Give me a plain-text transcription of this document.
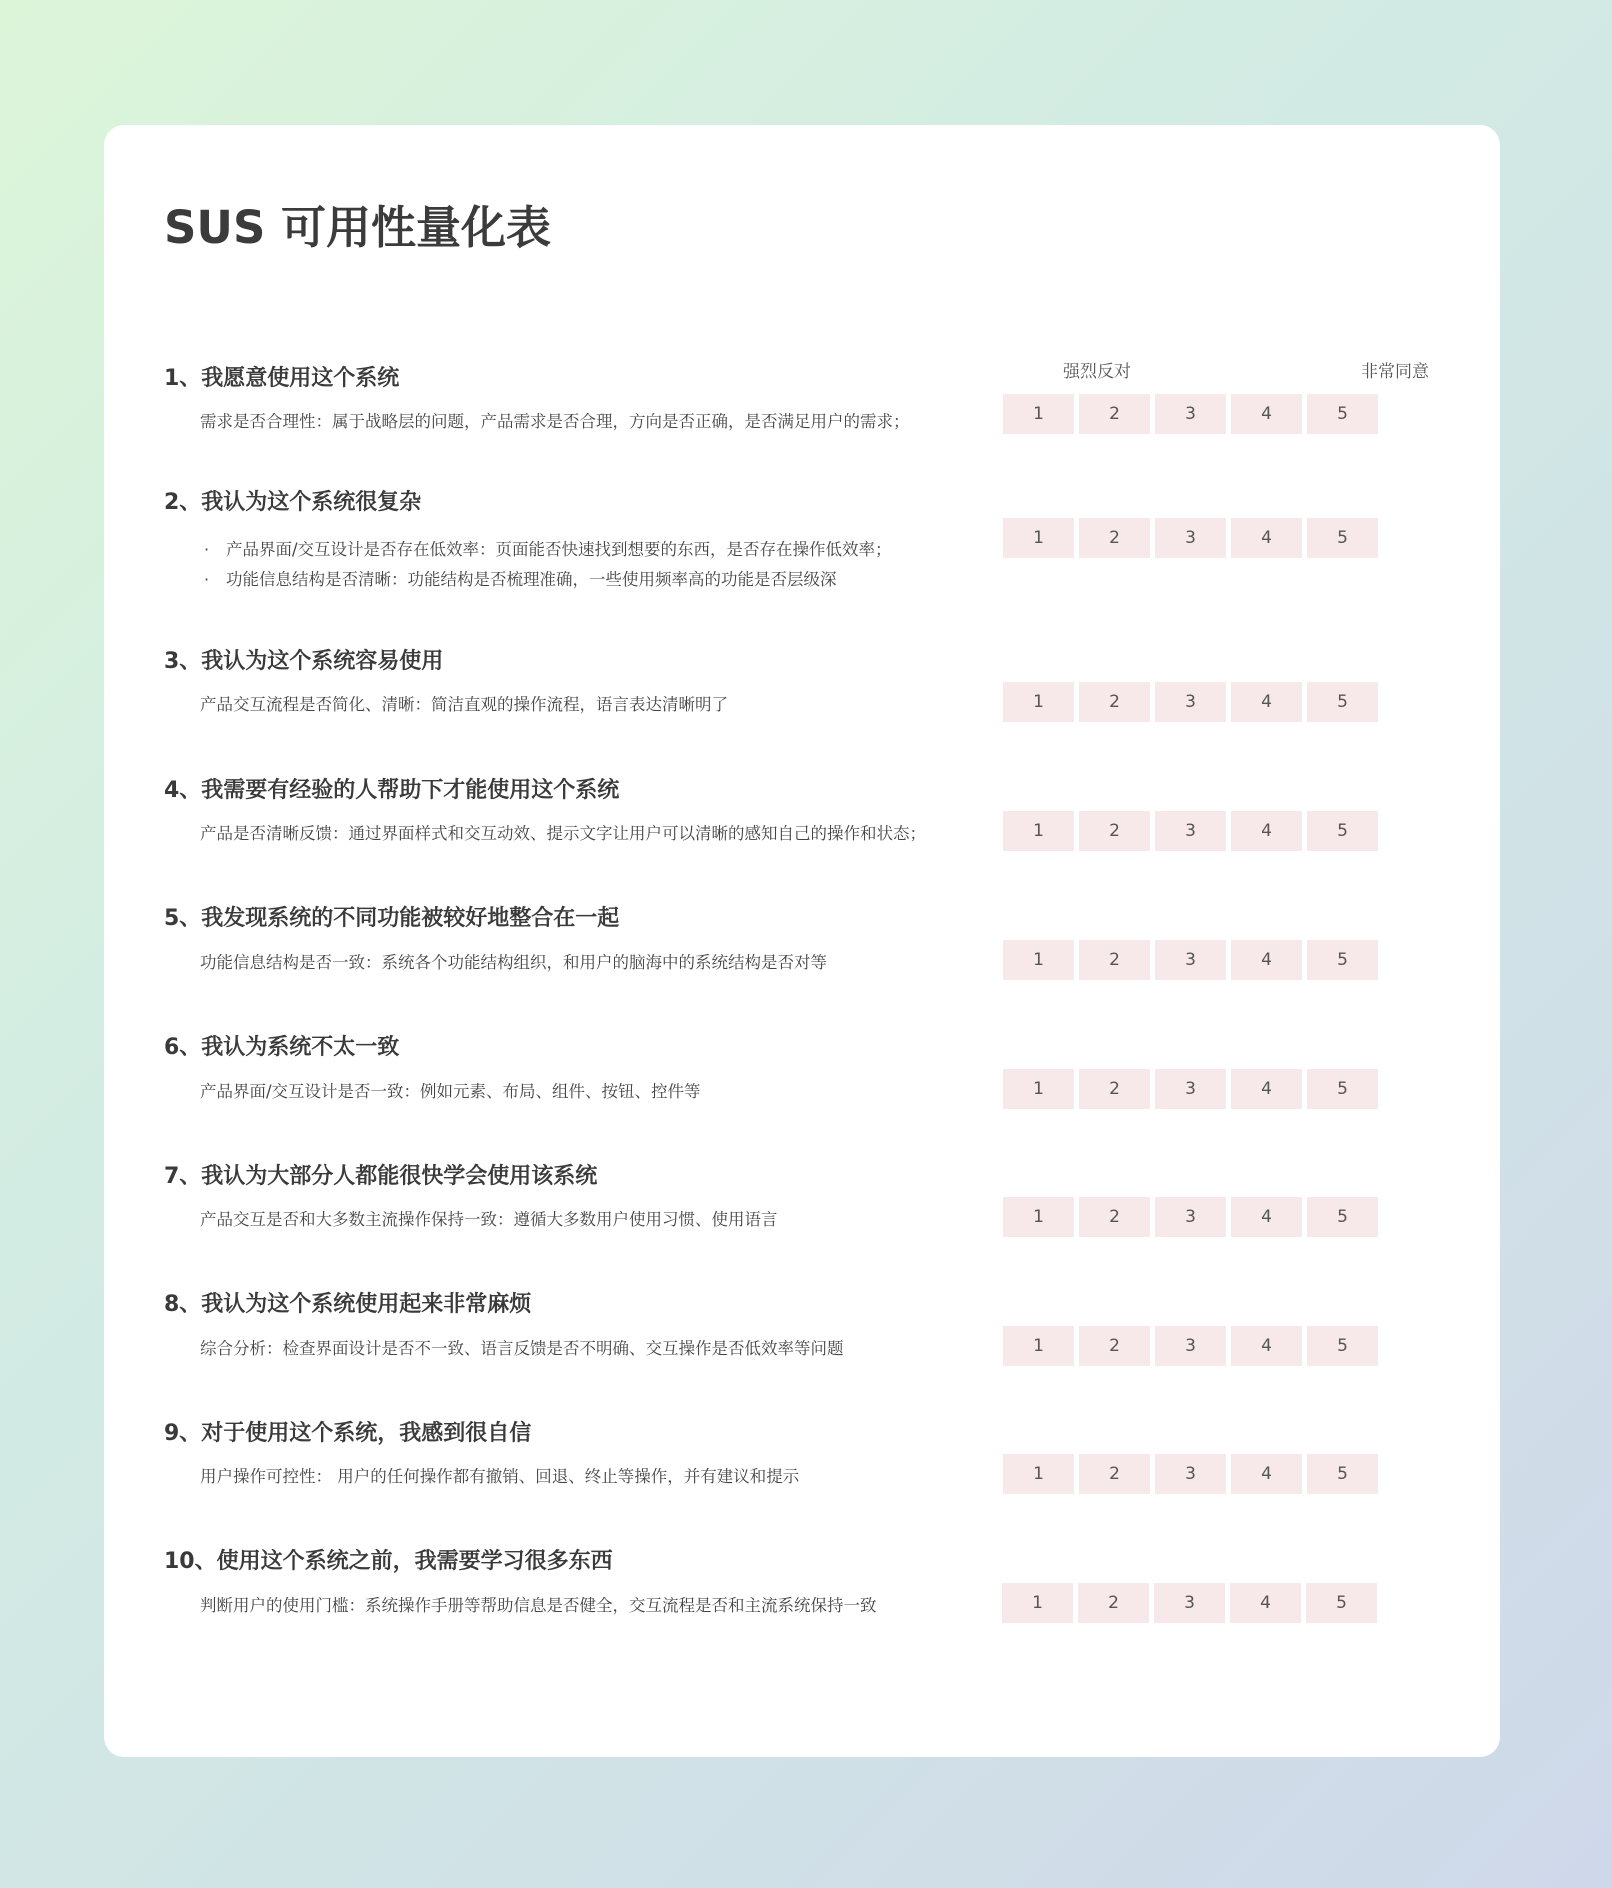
SUS 可用性量化表
强烈反对	非常同意
1、我愿意使用这个系统
需求是否合理性：属于战略层的问题，产品需求是否合理，方向是否正确，是否满足用户的需求；	1	2	3	4	5
2、我认为这个系统很复杂
· 产品界面/交互设计是否存在低效率：页面能否快速找到想要的东西，是否存在操作低效率；
· 功能信息结构是否清晰：功能结构是否梳理准确，一些使用频率高的功能是否层级深
1	2	3	4	5
3、我认为这个系统容易使用
产品交互流程是否简化、清晰：简洁直观的操作流程，语言表达清晰明了	1	2	3	4	5
4、我需要有经验的人帮助下才能使用这个系统
产品是否清晰反馈：通过界面样式和交互动效、提示文字让用户可以清晰的感知自己的操作和状态；	1	2	3	4	5
5、我发现系统的不同功能被较好地整合在一起
功能信息结构是否一致：系统各个功能结构组织，和用户的脑海中的系统结构是否对等	1	2	3	4	5
6、我认为系统不太一致
产品界面/交互设计是否一致：例如元素、布局、组件、按钮、控件等	1	2	3	4	5
7、我认为大部分人都能很快学会使用该系统
产品交互是否和大多数主流操作保持一致：遵循大多数用户使用习惯、使用语言	1	2	3	4	5
8、我认为这个系统使用起来非常麻烦
综合分析：检查界面设计是否不一致、语言反馈是否不明确、交互操作是否低效率等问题	1	2	3	4	5
9、对于使用这个系统，我感到很自信
用户操作可控性： 用户的任何操作都有撤销、回退、终止等操作，并有建议和提示	1	2	3	4	5
10、使用这个系统之前，我需要学习很多东西
判断用户的使用门槛：系统操作手册等帮助信息是否健全，交互流程是否和主流系统保持一致	1	2	3	4	5
